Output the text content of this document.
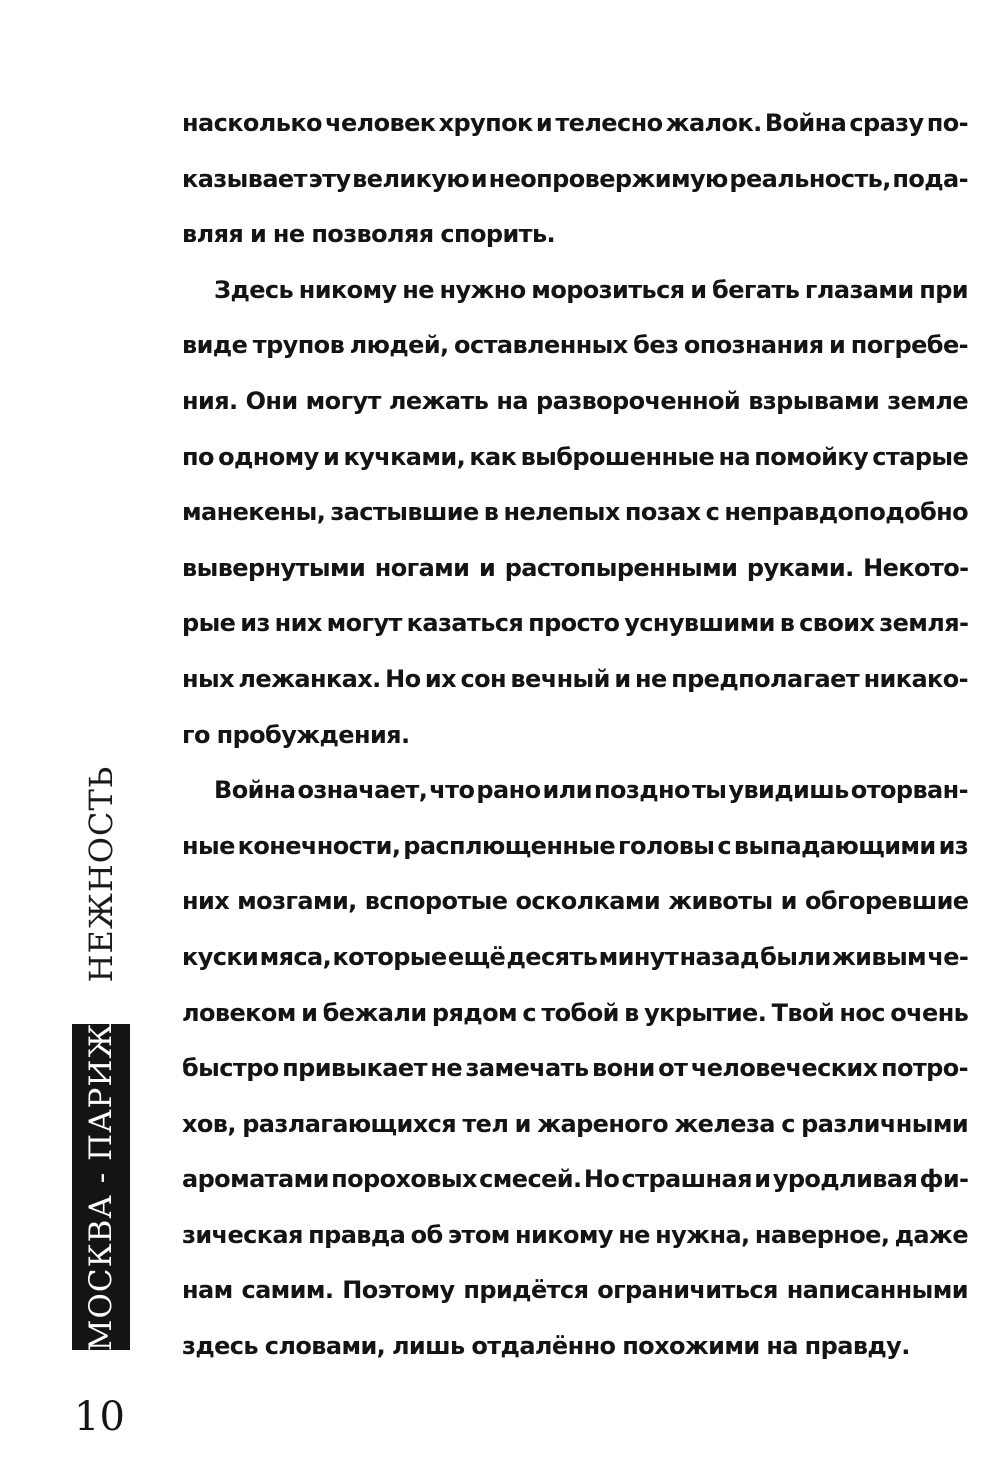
насколько человек хрупок и телесно жалок. Война сразу по-
казывает эту великую и неопровержимую реальность, пода-
вляя и не позволяя спорить.
Здесь никому не нужно морозиться и бегать глазами при
виде трупов людей, оставленных без опознания и погребе-
ния. Они могут лежать на развороченной взрывами земле
по одному и кучками, как выброшенные на помойку старые
манекены, застывшие в нелепых позах с неправдоподобно
вывернутыми ногами и растопыренными руками. Некото-
рые из них могут казаться просто уснувшими в своих земля-
ных лежанках. Но их сон вечный и не предполагает никако-
го пробуждения.
Война означает, что рано или поздно ты увидишь оторван-
ные конечности, расплющенные головы с выпадающими из
них мозгами, вспоротые осколками животы и обгоревшие
куски мяса, которые ещё десять минут назад были живым че-
ловеком и бежали рядом с тобой в укрытие. Твой нос очень
быстро привыкает не замечать вони от человеческих потро-
хов, разлагающихся тел и жареного железа с различными
ароматами пороховых смесей. Но страшная и уродливая фи-
зическая правда об этом никому не нужна, наверное, даже
нам самим. Поэтому придётся ограничиться написанными
здесь словами, лишь отдалённо похожими на правду.
НЕЖНОСТЬ
МОСКВА - ПАРИЖ
10
